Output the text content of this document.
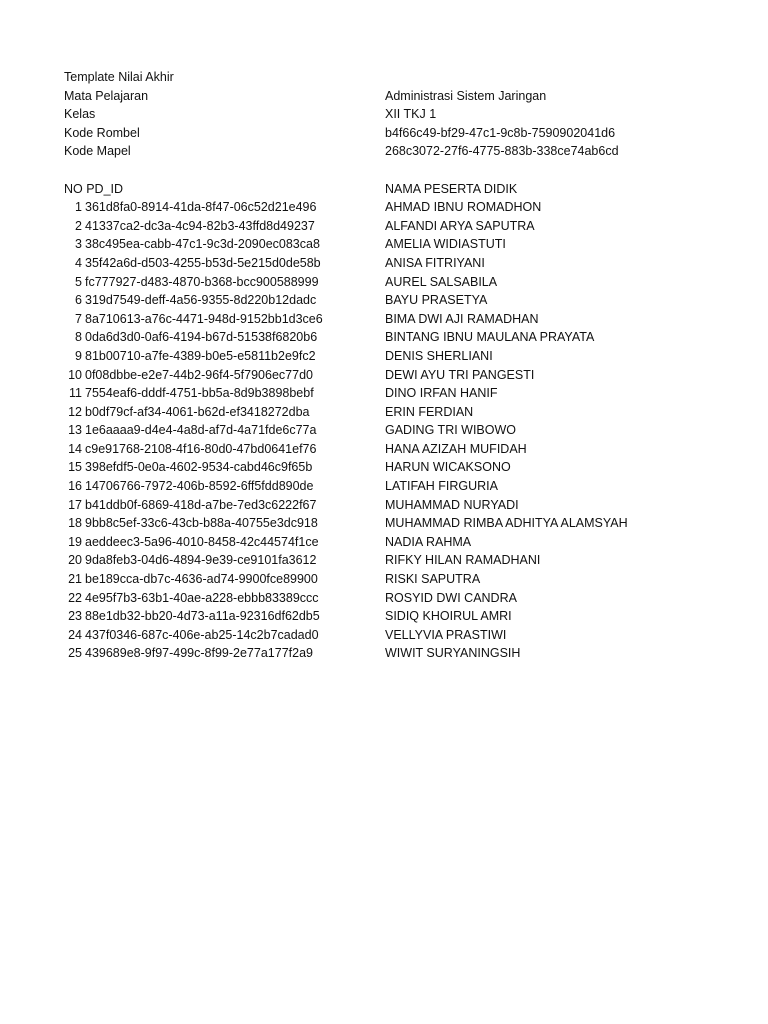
Template Nilai Akhir
Mata Pelajaran	Administrasi Sistem Jaringan
Kelas	XII TKJ 1
Kode Rombel	b4f66c49-bf29-47c1-9c8b-7590902041d6
Kode Mapel	268c3072-27f6-4775-883b-338ce74ab6cd
NO PD_ID	NAMA PESERTA DIDIK
1 361d8fa0-8914-41da-8f47-06c52d21e496	AHMAD IBNU ROMADHON
2 41337ca2-dc3a-4c94-82b3-43ffd8d49237	ALFANDI ARYA SAPUTRA
3 38c495ea-cabb-47c1-9c3d-2090ec083ca8	AMELIA WIDIASTUTI
4 35f42a6d-d503-4255-b53d-5e215d0de58b	ANISA FITRIYANI
5 fc777927-d483-4870-b368-bcc900588999	AUREL SALSABILA
6 319d7549-deff-4a56-9355-8d220b12dadc	BAYU PRASETYA
7 8a710613-a76c-4471-948d-9152bb1d3ce6	BIMA DWI AJI RAMADHAN
8 0da6d3d0-0af6-4194-b67d-51538f6820b6	BINTANG IBNU MAULANA PRAYATA
9 81b00710-a7fe-4389-b0e5-e5811b2e9fc2	DENIS SHERLIANI
10 0f08dbbe-e2e7-44b2-96f4-5f7906ec77d0	DEWI AYU TRI PANGESTI
11 7554eaf6-dddf-4751-bb5a-8d9b3898bebf	DINO IRFAN HANIF
12 b0df79cf-af34-4061-b62d-ef3418272dba	ERIN FERDIAN
13 1e6aaaa9-d4e4-4a8d-af7d-4a71fde6c77a	GADING TRI WIBOWO
14 c9e91768-2108-4f16-80d0-47bd0641ef76	HANA AZIZAH MUFIDAH
15 398efdf5-0e0a-4602-9534-cabd46c9f65b	HARUN WICAKSONO
16 14706766-7972-406b-8592-6ff5fdd890de	LATIFAH FIRGURIA
17 b41ddb0f-6869-418d-a7be-7ed3c6222f67	MUHAMMAD NURYADI
18 9bb8c5ef-33c6-43cb-b88a-40755e3dc918	MUHAMMAD RIMBA ADHITYA ALAMSYAH
19 aeddeec3-5a96-4010-8458-42c44574f1ce	NADIA RAHMA
20 9da8feb3-04d6-4894-9e39-ce9101fa3612	RIFKY HILAN RAMADHANI
21 be189cca-db7c-4636-ad74-9900fce89900	RISKI SAPUTRA
22 4e95f7b3-63b1-40ae-a228-ebbb83389ccc	ROSYID DWI CANDRA
23 88e1db32-bb20-4d73-a11a-92316df62db5	SIDIQ KHOIRUL AMRI
24 437f0346-687c-406e-ab25-14c2b7cadad0	VELLYVIA PRASTIWI
25 439689e8-9f97-499c-8f99-2e77a177f2a9	WIWIT SURYANINGSIH
